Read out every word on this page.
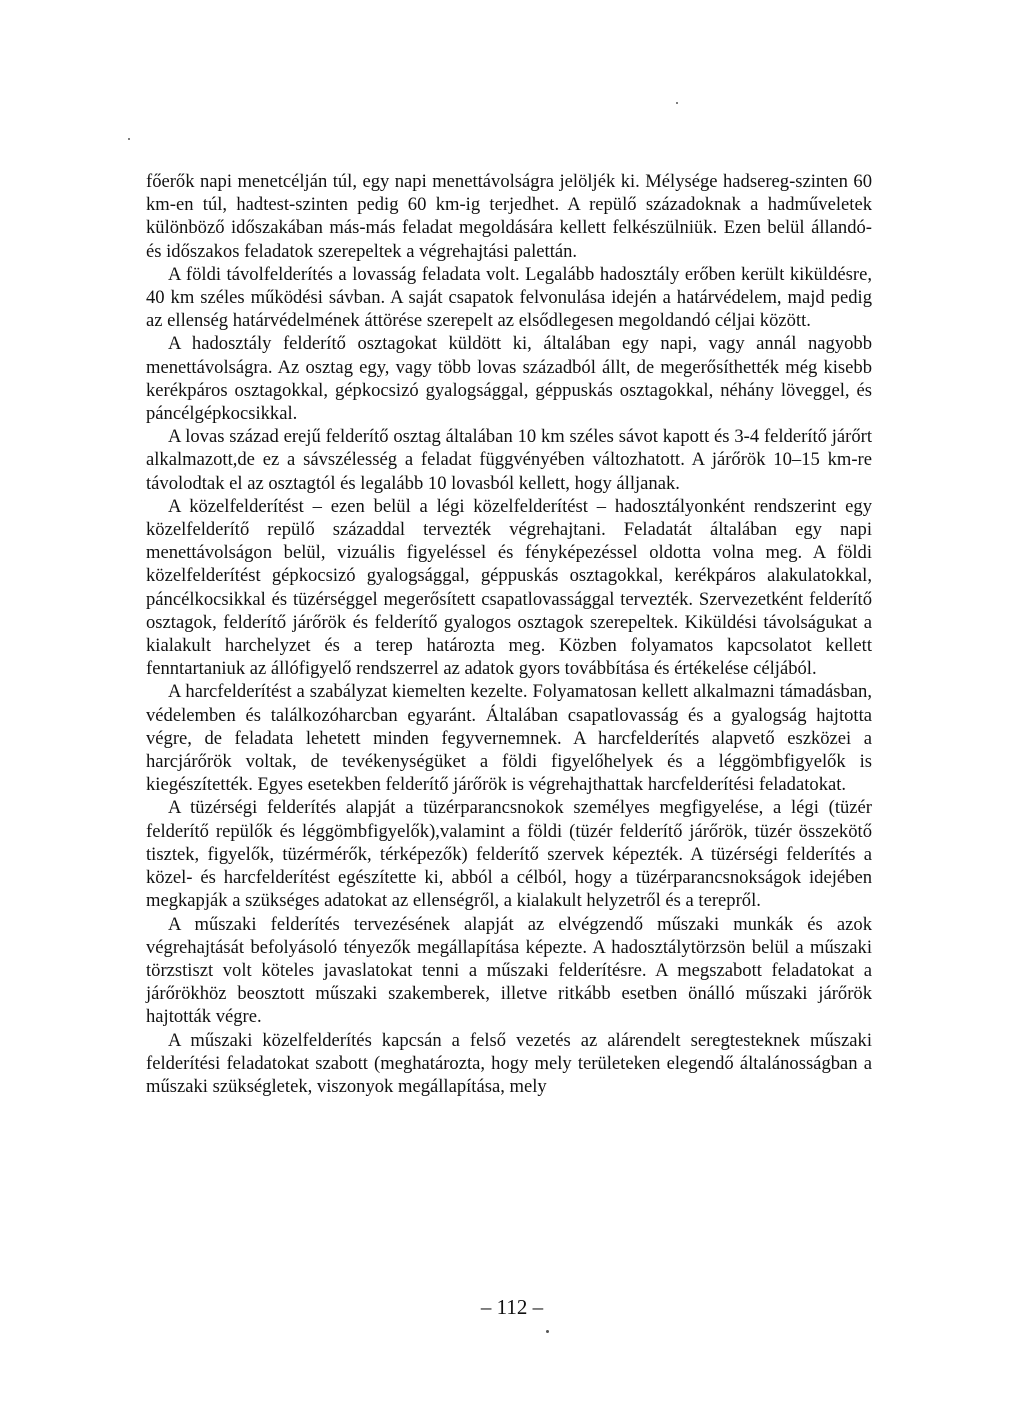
főerők napi menetcélján túl, egy napi menettávolságra jelöljék ki. Mélysége hadsereg-szinten 60 km-en túl, hadtest-szinten pedig 60 km-ig terjedhet. A repülő századoknak a hadműveletek különböző időszakában más-más feladat megoldására kellett felkészülniük. Ezen belül állandó- és időszakos feladatok szerepeltek a végrehajtási palettán.

A földi távolfelderítés a lovasság feladata volt. Legalább hadosztály erőben került kiküldésre, 40 km széles működési sávban. A saját csapatok felvonulása idején a határvédelem, majd pedig az ellenség határvédelmének áttörése szerepelt az elsődlegesen megoldandó céljai között.

A hadosztály felderítő osztagokat küldött ki, általában egy napi, vagy annál nagyobb menettávolságra. Az osztag egy, vagy több lovas századból állt, de megerősíthették még kisebb kerékpáros osztagokkal, gépkocsizó gyalogsággal, géppuskás osztagokkal, néhány löveggel, és páncélgépkocsikkal.

A lovas század erejű felderítő osztag általában 10 km széles sávot kapott és 3-4 felderítő járőrt alkalmazott,de ez a sávszélesség a feladat függvényében változhatott. A járőrök 10–15 km-re távolodtak el az osztagtól és legalább 10 lovasból kellett, hogy álljanak.

A közelfelderítést – ezen belül a légi közelfelderítést – hadosztályonként rendszerint egy közelfelderítő repülő századdal tervezték végrehajtani. Feladatát általában egy napi menettávolságon belül, vizuális figyeléssel és fényképezéssel oldotta volna meg. A földi közelfelderítést gépkocsizó gyalogsággal, géppuskás osztagokkal, kerékpáros alakulatokkal, páncélkocsikkal és tüzérséggel megerősített csapatlovassággal tervezték. Szervezetként felderítő osztagok, felderítő járőrök és felderítő gyalogos osztagok szerepeltek. Kiküldési távolságukat a kialakult harchelyzet és a terep határozta meg. Közben folyamatos kapcsolatot kellett fenntartaniuk az állófigyelő rendszerrel az adatok gyors továbbítása és értékelése céljából.

A harcfelderítést a szabályzat kiemelten kezelte. Folyamatosan kellett alkalmazni támadásban, védelemben és találkozóharcban egyaránt. Általában csapatlovasság és a gyalogság hajtotta végre, de feladata lehetett minden fegyvernemnek. A harcfelderítés alapvető eszközei a harcjárőrök voltak, de tevékenységüket a földi figyelőhelyek és a léggömbfigyelők is kiegészítették. Egyes esetekben felderítő járőrök is végrehajthattak harcfelderítési feladatokat.

A tüzérségi felderítés alapját a tüzérparancsnokok személyes megfigyelése, a légi (tüzér felderítő repülők és léggömbfigyelők),valamint a földi (tüzér felderítő járőrök, tüzér összekötő tisztek, figyelők, tüzérmérők, térképezők) felderítő szervek képezték. A tüzérségi felderítés a közel- és harcfelderítést egészítette ki, abból a célból, hogy a tüzérparancsnokságok idejében megkapják a szükséges adatokat az ellenségről, a kialakult helyzetről és a terepről.

A műszaki felderítés tervezésének alapját az elvégzendő műszaki munkák és azok végrehajtását befolyásoló tényezők megállapítása képezte. A hadosztálytörzsön belül a műszaki törzstiszt volt köteles javaslatokat tenni a műszaki felderítésre. A megszabott feladatokat a járőrökhöz beosztott műszaki szakemberek, illetve ritkább esetben önálló műszaki járőrök hajtották végre.

A műszaki közelfelderítés kapcsán a felső vezetés az alárendelt seregtesteknek műszaki felderítési feladatokat szabott (meghatározta, hogy mely területeken elegendő általánosságban a műszaki szükségletek, viszonyok megállapítása, mely

– 112 –
